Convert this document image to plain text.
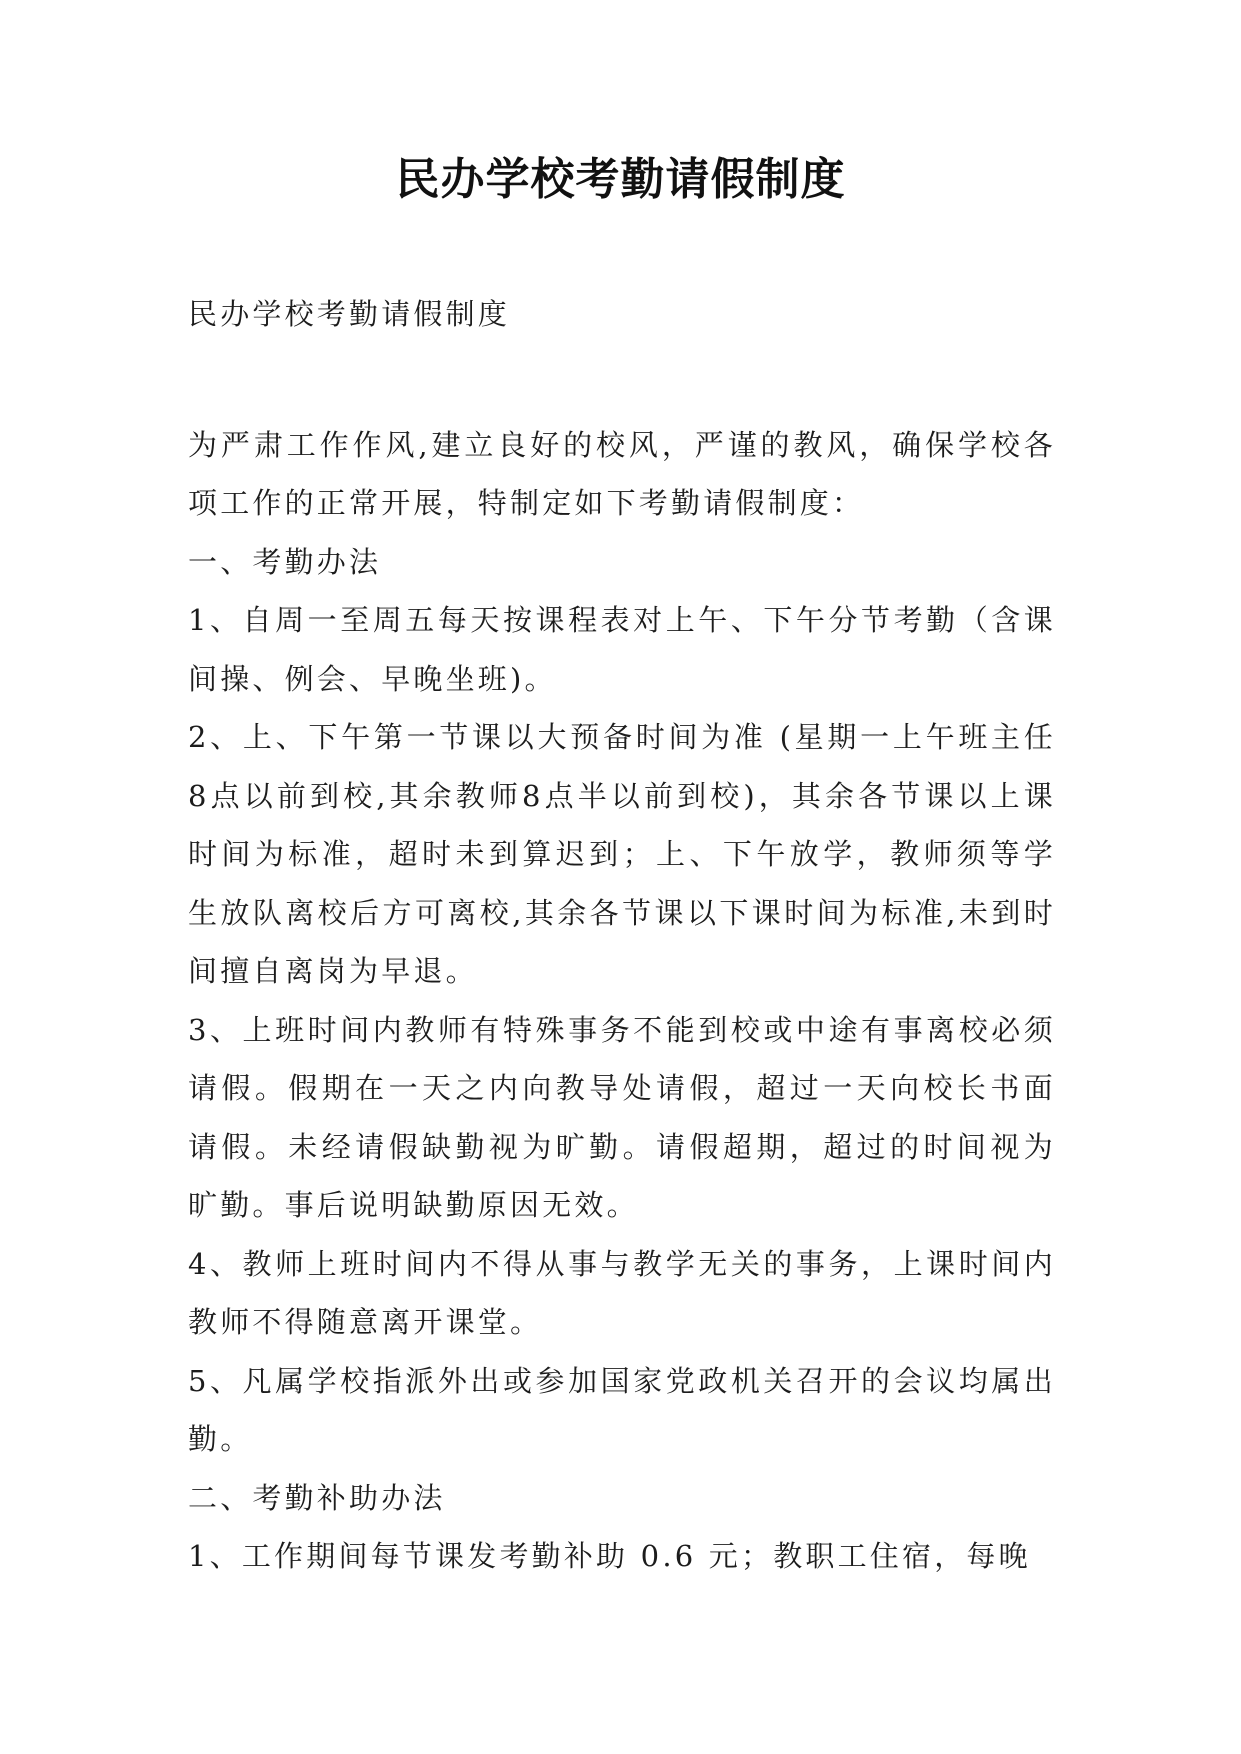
民办学校考勤请假制度

民办学校考勤请假制度

为严肃工作作风,建立良好的校风，严谨的教风，确保学校各项工作的正常开展，特制定如下考勤请假制度：

一、考勤办法

1、自周一至周五每天按课程表对上午、下午分节考勤（含课间操、例会、早晚坐班)。

2、上、下午第一节课以大预备时间为准 (星期一上午班主任8点以前到校,其余教师8点半以前到校)，其余各节课以上课时间为标准，超时未到算迟到；上、下午放学，教师须等学生放队离校后方可离校,其余各节课以下课时间为标准,未到时间擅自离岗为早退。

3、上班时间内教师有特殊事务不能到校或中途有事离校必须请假。假期在一天之内向教导处请假，超过一天向校长书面请假。未经请假缺勤视为旷勤。请假超期，超过的时间视为旷勤。事后说明缺勤原因无效。

4、教师上班时间内不得从事与教学无关的事务，上课时间内教师不得随意离开课堂。

5、凡属学校指派外出或参加国家党政机关召开的会议均属出勤。

二、考勤补助办法

1、工作期间每节课发考勤补助 0.6 元；教职工住宿，每晚
